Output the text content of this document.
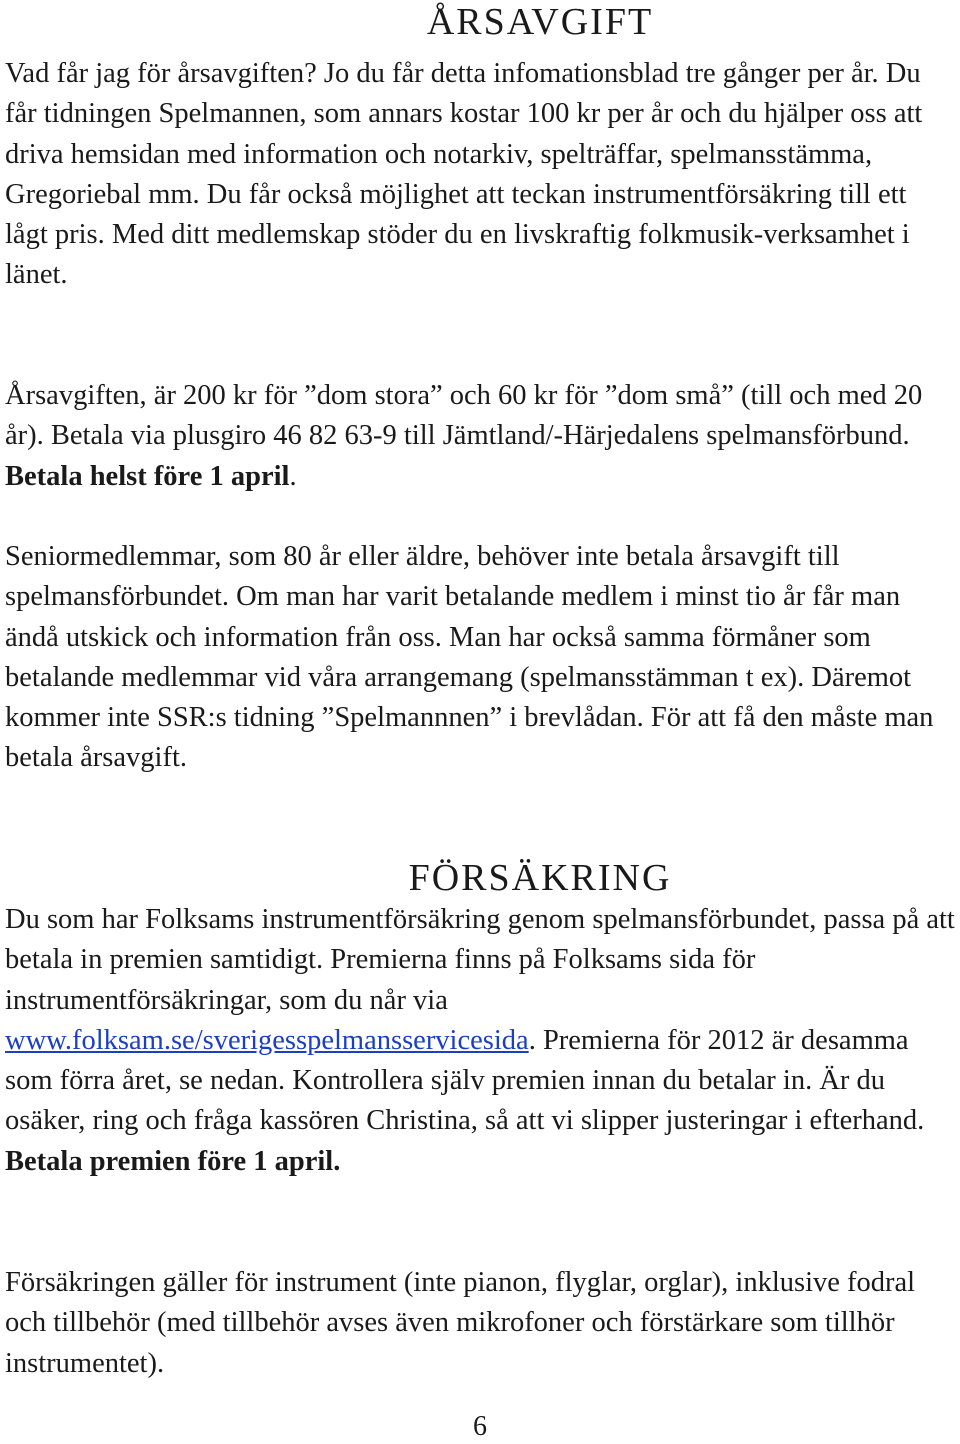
ÅRSAVGIFT

Vad får jag för årsavgiften? Jo du får detta infomationsblad tre gånger per år. Du får tidningen Spelmannen, som annars kostar 100 kr per år och du hjälper oss att driva hemsidan med information och notarkiv, spelträffar, spelmansstämma, Gregoriebal mm. Du får också möjlighet att teckan instrumentförsäkring till ett lågt pris. Med ditt medlemskap stöder du en livskraftig folkmusik-verksamhet i länet.

Årsavgiften, är 200 kr för ”dom stora” och 60 kr för ”dom små” (till och med 20 år). Betala via plusgiro 46 82 63-9 till Jämtland/-Härjedalens spelmansförbund. Betala helst före 1 april.

Seniormedlemmar, som 80 år eller äldre, behöver inte betala årsavgift till spelmansförbundet. Om man har varit betalande medlem i minst tio år får man ändå utskick och information från oss. Man har också samma förmåner som betalande medlemmar vid våra arrangemang (spelmansstämman t ex). Däremot kommer inte SSR:s tidning ”Spelmannnen” i brevlådan. För att få den måste man betala årsavgift.

FÖRSÄKRING

Du som har Folksams instrumentförsäkring genom spelmansförbundet, passa på att betala in premien samtidigt. Premierna finns på Folksams sida för instrumentförsäkringar, som du når via www.folksam.se/sverigesspelmansservicesida. Premierna för 2012 är desamma som förra året, se nedan. Kontrollera själv premien innan du betalar in. Är du osäker, ring och fråga kassören Christina, så att vi slipper justeringar i efterhand. Betala premien före 1 april.

Försäkringen gäller för instrument (inte pianon, flyglar, orglar), inklusive fodral och tillbehör (med tillbehör avses även mikrofoner och förstärkare som tillhör instrumentet).

6
